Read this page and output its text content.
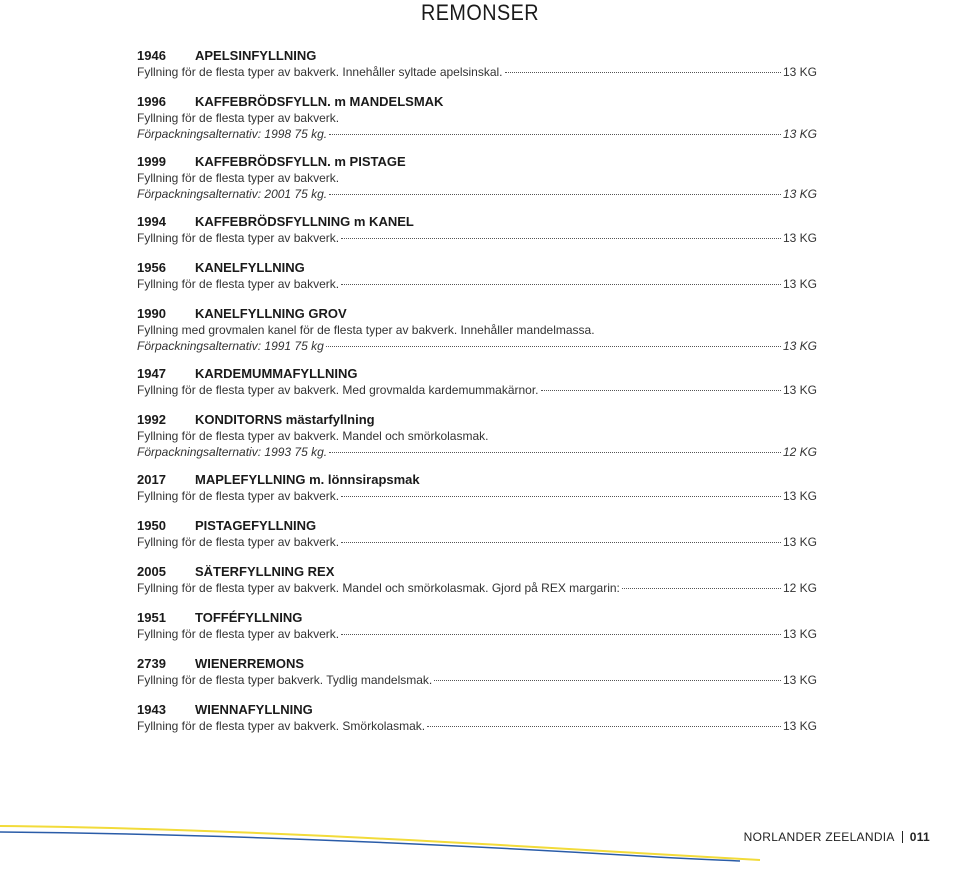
REMONSER
1946	APELSINFYLLNING
Fyllning för de flesta typer av bakverk. Innehåller syltade apelsinskal.	13 KG
1996	KAFFEBRÖDSFYLLN. m MANDELSMAK
Fyllning för de flesta typer av bakverk.
Förpackningsalternativ: 1998 75 kg.	13 KG
1999	KAFFEBRÖDSFYLLN. m PISTAGE
Fyllning för de flesta typer av bakverk.
Förpackningsalternativ: 2001 75 kg.	13 KG
1994	KAFFEBRÖDSFYLLNING m KANEL
Fyllning för de flesta typer av bakverk.	13 KG
1956	KANELFYLLNING
Fyllning för de flesta typer av bakverk.	13 KG
1990	KANELFYLLNING GROV
Fyllning med grovmalen kanel för de flesta typer av bakverk. Innehåller mandelmassa.
Förpackningsalternativ: 1991 75 kg	13 KG
1947	KARDEMUMMAFYLLNING
Fyllning för de flesta typer av bakverk. Med grovmalda kardemummakärnor.	13 KG
1992	KONDITORNS mästarfyllning
Fyllning för de flesta typer av bakverk. Mandel och smörkolasmak.
Förpackningsalternativ: 1993 75 kg.	12 KG
2017	MAPLEFYLLNING m. lönnsirapsmak
Fyllning för de flesta typer av bakverk.	13 KG
1950	PISTAGEFYLLNING
Fyllning för de flesta typer av bakverk.	13 KG
2005	SÄTERFYLLNING REX
Fyllning för de flesta typer av bakverk. Mandel och smörkolasmak. Gjord på REX margarin:	12 KG
1951	TOFFÉFYLLNING
Fyllning för de flesta typer av bakverk.	13 KG
2739	WIENERREMONS
Fyllning för de flesta typer bakverk. Tydlig mandelsmak.	13 KG
1943	WIENNAFYLLNING
Fyllning för de flesta typer av bakverk. Smörkolasmak.	13 KG
NORLANDER ZEELANDIA 011
